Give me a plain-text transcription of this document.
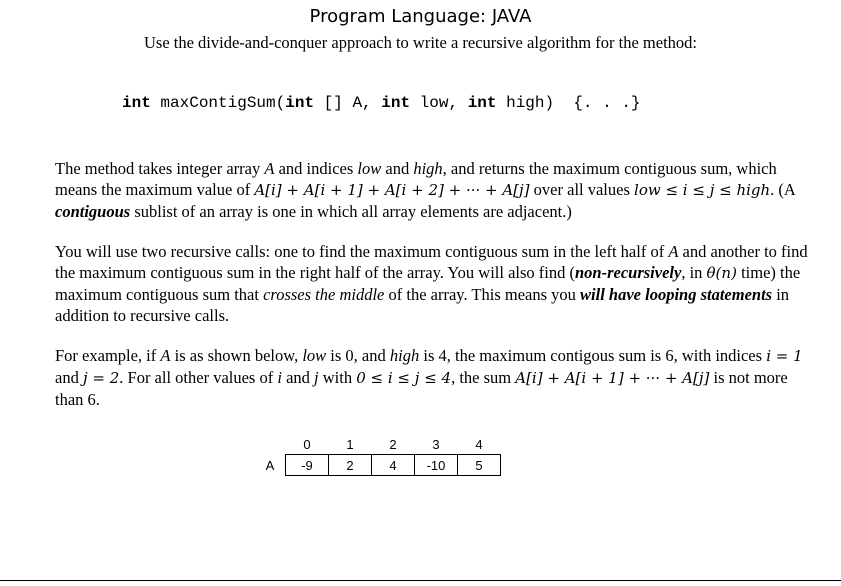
Program Language: JAVA
Use the divide-and-conquer approach to write a recursive algorithm for the method:
int maxContigSum(int [] A, int low, int high)  {. . .}
The method takes integer array A and indices low and high, and returns the maximum contiguous sum, which means the maximum value of A[i] + A[i + 1] + A[i + 2] + ··· + A[j] over all values low ≤ i ≤ j ≤ high. (A contiguous sublist of an array is one in which all array elements are adjacent.)
You will use two recursive calls: one to find the maximum contiguous sum in the left half of A and another to find the maximum contiguous sum in the right half of the array. You will also find (non-recursively, in θ(n) time) the maximum contiguous sum that crosses the middle of the array. This means you will have looping statements in addition to recursive calls.
For example, if A is as shown below, low is 0, and high is 4, the maximum contigous sum is 6, with indices i = 1 and j = 2. For all other values of i and j with 0 ≤ i ≤ j ≤ 4, the sum A[i] + A[i + 1] + ··· + A[j] is not more than 6.
	0	1	2	3	4
A	-9	2	4	-10	5
